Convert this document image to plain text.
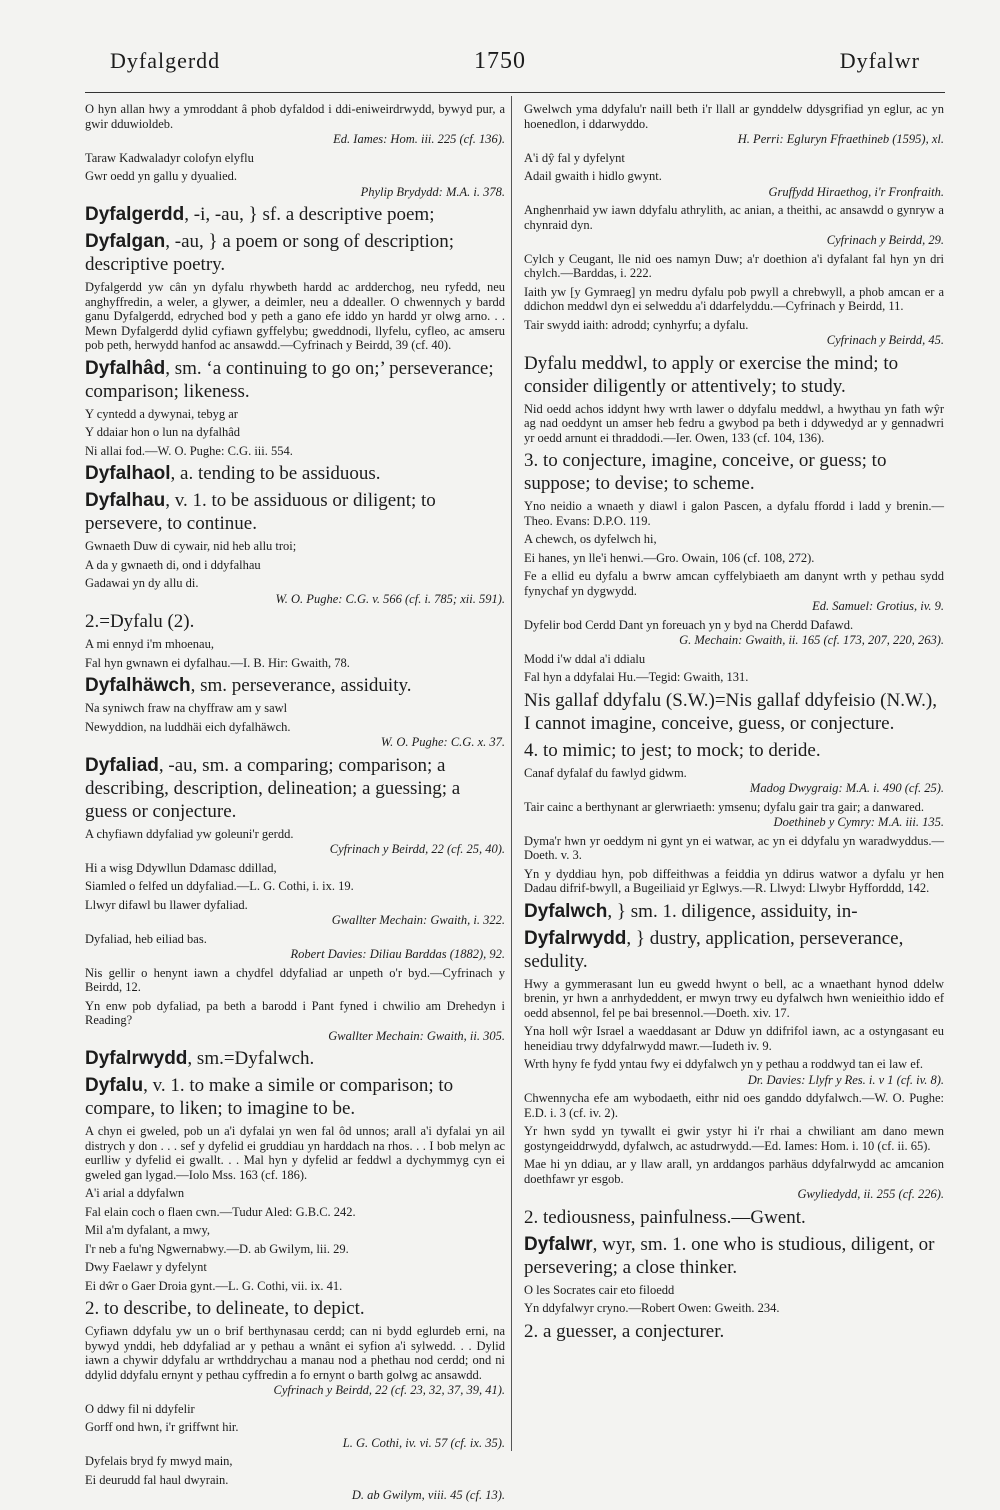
Dyfalgerdd	1750	Dyfalwr
O hyn allan hwy a ymroddant â phob dyfaldod i ddi-eniweirdrwydd, bywyd pur, a gwir dduwioldeb.
Ed. Iames: Hom. iii. 225 (cf. 136).
Taraw Kadwaladyr colofyn elyflu
Gwr oedd yn gallu y dyualied.
Phylip Brydydd: M.A. i. 378.
Dyfalgerdd, -i, -au, } sf. a descriptive poem;
Dyfalgan, -au, } a poem or song of description; descriptive poetry.
Dyfalgerdd yw cân yn dyfalu rhywbeth hardd ac ardderchog, neu ryfedd, neu anghyffredin, a weler, a glywer, a deimler, neu a ddealler. O chwennych y bardd ganu Dyfalgerdd, edryched bod y peth a gano efe iddo yn hardd yr olwg arno. . . Mewn Dyfalgerdd dylid cyfiawn gyffelybu; gweddnodi, llyfelu, cyfleo, ac amseru pob peth, herwydd hanfod ac ansawdd.—Cyfrinach y Beirdd, 39 (cf. 40).
Dyfalhâd, sm. ‘a continuing to go on;’ perseverance; comparison; likeness.
Y cyntedd a dywynai, tebyg ar
Y ddaiar hon o lun na dyfalhâd
Ni allai fod.—W. O. Pughe: C.G. iii. 554.
Dyfalhaol, a. tending to be assiduous.
Dyfalhau, v. 1. to be assiduous or diligent; to persevere, to continue.
Gwnaeth Duw di cywair, nid heb allu troi;
A da y gwnaeth di, ond i ddyfalhau
Gadawai yn dy allu di.
W. O. Pughe: C.G. v. 566 (cf. i. 785; xii. 591).
2.=Dyfalu (2).
A mi ennyd i'm mhoenau,
Fal hyn gwnawn ei dyfalhau.—I. B. Hir: Gwaith, 78.
Dyfalhäwch, sm. perseverance, assiduity.
Na syniwch fraw na chyffraw am y sawl
Newyddion, na luddhäi eich dyfalhäwch.
W. O. Pughe: C.G. x. 37.
Dyfaliad, -au, sm. a comparing; comparison; a describing, description, delineation; a guessing; a guess or conjecture.
A chyfiawn ddyfaliad yw goleuni'r gerdd.
Cyfrinach y Beirdd, 22 (cf. 25, 40).
Hi a wisg Ddywllun Ddamasc ddillad,
Siamled o felfed un ddyfaliad.—L. G. Cothi, i. ix. 19.
Llwyr difawl bu llawer dyfaliad.
Gwallter Mechain: Gwaith, i. 322.
Dyfaliad, heb eiliad bas.
Robert Davies: Diliau Barddas (1882), 92.
Nis gellir o henynt iawn a chydfel ddyfaliad ar unpeth o'r byd.—Cyfrinach y Beirdd, 12.
Yn enw pob dyfaliad, pa beth a barodd i Pant fyned i chwilio am Drehedyn i Reading?
Gwallter Mechain: Gwaith, ii. 305.
Dyfalrwydd, sm.=Dyfalwch.
Dyfalu, v. 1. to make a simile or comparison; to compare, to liken; to imagine to be.
A chyn ei gweled, pob un a'i dyfalai yn wen fal ôd unnos; arall a'i dyfalai yn ail distrych y don . . . sef y dyfelid ei gruddiau yn harddach na rhos. . . I bob melyn ac eurlliw y dyfelid ei gwallt. . . Mal hyn y dyfelid ar feddwl a dychymmyg cyn ei gweled gan lygad.—Iolo Mss. 163 (cf. 186).
A'i arial a ddyfalwn
Fal elain coch o flaen cwn.—Tudur Aled: G.B.C. 242.
Mil a'm dyfalant, a mwy,
I'r neb a fu'ng Ngwernabwy.—D. ab Gwilym, lii. 29.
Dwy Faelawr y dyfelynt
Ei dŵr o Gaer Droia gynt.—L. G. Cothi, vii. ix. 41.
2. to describe, to delineate, to depict.
Cyfiawn ddyfalu yw un o brif berthynasau cerdd; can ni bydd eglurdeb erni, na bywyd ynddi, heb ddyfaliad ar y pethau a wnânt ei syfion a'i sylwedd. . . Dylid iawn a chywir ddyfalu ar wrthddrychau a manau nod a phethau nod cerdd; ond ni ddylid ddyfalu ernynt y pethau cyffredin a fo ernynt o barth golwg ac ansawdd.
Cyfrinach y Beirdd, 22 (cf. 23, 32, 37, 39, 41).
O ddwy fil ni ddyfelir
Gorff ond hwn, i'r griffwnt hir.
L. G. Cothi, iv. vi. 57 (cf. ix. 35).
Dyfelais bryd fy mwyd main,
Ei deurudd fal haul dwyrain.
D. ab Gwilym, viii. 45 (cf. 13).
Gwelwch yma ddyfalu'r naill beth i'r llall ar gynddelw ddysgrifiad yn eglur, ac yn hoenedlon, i ddarwyddo.
H. Perri: Egluryn Ffraethineb (1595), xl.
A'i dŷ fal y dyfelynt
Adail gwaith i hidlo gwynt.
Gruffydd Hiraethog, i'r Fronfraith.
Anghenrhaid yw iawn ddyfalu athrylith, ac anian, a theithi, ac ansawdd o gynryw a chynraid dyn.
Cyfrinach y Beirdd, 29.
Cylch y Ceugant, lle nid oes namyn Duw; a'r doethion a'i dyfalant fal hyn yn dri chylch.—Barddas, i. 222.
Iaith yw [y Gymraeg] yn medru dyfalu pob pwyll a chrebwyll, a phob amcan er a ddichon meddwl dyn ei selweddu a'i ddarfelyddu.—Cyfrinach y Beirdd, 11.
Tair swydd iaith: adrodd; cynhyrfu; a dyfalu.
Cyfrinach y Beirdd, 45.
Dyfalu meddwl, to apply or exercise the mind; to consider diligently or attentively; to study.
Nid oedd achos iddynt hwy wrth lawer o ddyfalu meddwl, a hwythau yn fath wŷr ag nad oeddynt un amser heb fedru a gwybod pa beth i ddywedyd ar y gennadwri yr oedd arnunt ei thraddodi.—Ier. Owen, 133 (cf. 104, 136).
3. to conjecture, imagine, conceive, or guess; to suppose; to devise; to scheme.
Yno neidio a wnaeth y diawl i galon Pascen, a dyfalu ffordd i ladd y brenin.—Theo. Evans: D.P.O. 119.
A chewch, os dyfelwch hi,
Ei hanes, yn lle'i henwi.—Gro. Owain, 106 (cf. 108, 272).
Fe a ellid eu dyfalu a bwrw amcan cyffelybiaeth am danynt wrth y pethau sydd fynychaf yn dygwydd.
Ed. Samuel: Grotius, iv. 9.
Dyfelir bod Cerdd Dant yn foreuach yn y byd na Cherdd Dafawd.
G. Mechain: Gwaith, ii. 165 (cf. 173, 207, 220, 263).
Modd i'w ddal a'i ddialu
Fal hyn a ddyfalai Hu.—Tegid: Gwaith, 131.
Nis gallaf ddyfalu (S.W.)=Nis gallaf ddyfeisio (N.W.), I cannot imagine, conceive, guess, or conjecture.
4. to mimic; to jest; to mock; to deride.
Canaf dyfalaf du fawlyd gidwm.
Madog Dwygraig: M.A. i. 490 (cf. 25).
Tair cainc a berthynant ar glerwriaeth: ymsenu; dyfalu gair tra gair; a danwared.
Doethineb y Cymry: M.A. iii. 135.
Dyma'r hwn yr oeddym ni gynt yn ei watwar, ac yn ei ddyfalu yn waradwyddus.—Doeth. v. 3.
Yn y dyddiau hyn, pob diffeithwas a feiddia yn ddirus watwor a dyfalu yr hen Dadau difrif-bwyll, a Bugeiliaid yr Eglwys.—R. Llwyd: Llwybr Hyfforddd, 142.
Dyfalwch, } sm. 1. diligence, assiduity, in-
Dyfalrwydd, } dustry, application, perseverance, sedulity.
Hwy a gymmerasant lun eu gwedd hwynt o bell, ac a wnaethant hynod ddelw brenin, yr hwn a anrhydeddent, er mwyn trwy eu dyfalwch hwn wenieithio iddo ef oedd absennol, fel pe bai bresennol.—Doeth. xiv. 17.
Yna holl wŷr Israel a waeddasant ar Dduw yn ddifrifol iawn, ac a ostyngasant eu heneidiau trwy ddyfalrwydd mawr.—Iudeth iv. 9.
Wrth hyny fe fydd yntau fwy ei ddyfalwch yn y pethau a roddwyd tan ei law ef.
Dr. Davies: Llyfr y Res. i. v 1 (cf. iv. 8).
Chwennycha efe am wybodaeth, eithr nid oes ganddo ddyfalwch.—W. O. Pughe: E.D. i. 3 (cf. iv. 2).
Yr hwn sydd yn tywallt ei gwir ystyr hi i'r rhai a chwiliant am dano mewn gostyngeiddrwydd, dyfalwch, ac astudrwydd.—Ed. Iames: Hom. i. 10 (cf. ii. 65).
Mae hi yn ddiau, ar y llaw arall, yn arddangos parhäus ddyfalrwydd ac amcanion doethfawr yr esgob.
Gwyliedydd, ii. 255 (cf. 226).
2. tediousness, painfulness.—Gwent.
Dyfalwr, wyr, sm. 1. one who is studious, diligent, or persevering; a close thinker.
O les Socrates cair eto filoedd
Yn ddyfalwyr cryno.—Robert Owen: Gweith. 234.
2. a guesser, a conjecturer.
